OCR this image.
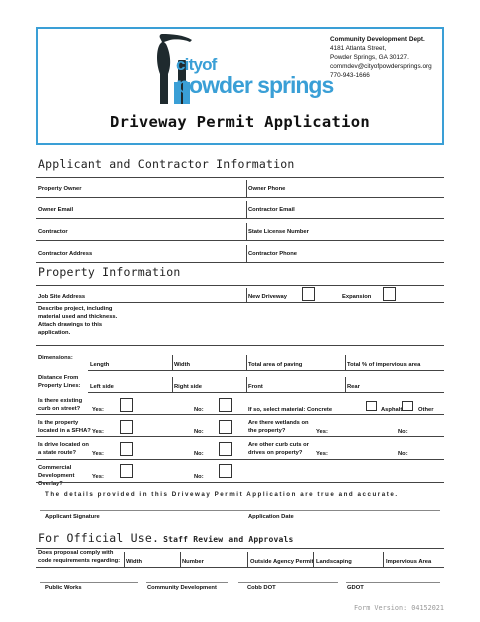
cityof
powder springs
Community Development Dept.
4181 Atlanta Street,
Powder Springs, GA 30127.
commdev@cityofpowdersprings.org
770-943-1666
Driveway Permit Application
Applicant and Contractor Information
Property Owner	Owner Phone
Owner Email	Contractor Email
Contractor	State License Number
Contractor Address	Contractor Phone
Property Information
Job Site Address	New Driveway	Expansion
Describe project, including material used and thickness. Attach drawings to this application.
Dimensions:
Length	Width	Total area of paving	Total % of impervious area
Distance From Property Lines:	Left side	Right side	Front	Rear
Is there existing curb on street?	Yes:	No:	If so, select material: Concrete	Asphalt	Other
Is the property located in a SFHA? Yes:	No:
Are there wetlands on the property?	Yes:	No:
Is drive located on a state route?	Yes:	No:
Are other curb cuts or drives on property?	Yes:	No:
Commercial Development Overlay?
Yes:	No:
The details provided in this Driveway Permit Application are true and accurate.
Applicant Signature	Application Date
For Official Use. Staff Review and Approvals
Does proposal comply with code requirements regarding:	Width	Number	Outside Agency Permit Landscaping	Impervious Area
Public Works	Community Development	Cobb DOT	GDOT
Form Version: 04152021
